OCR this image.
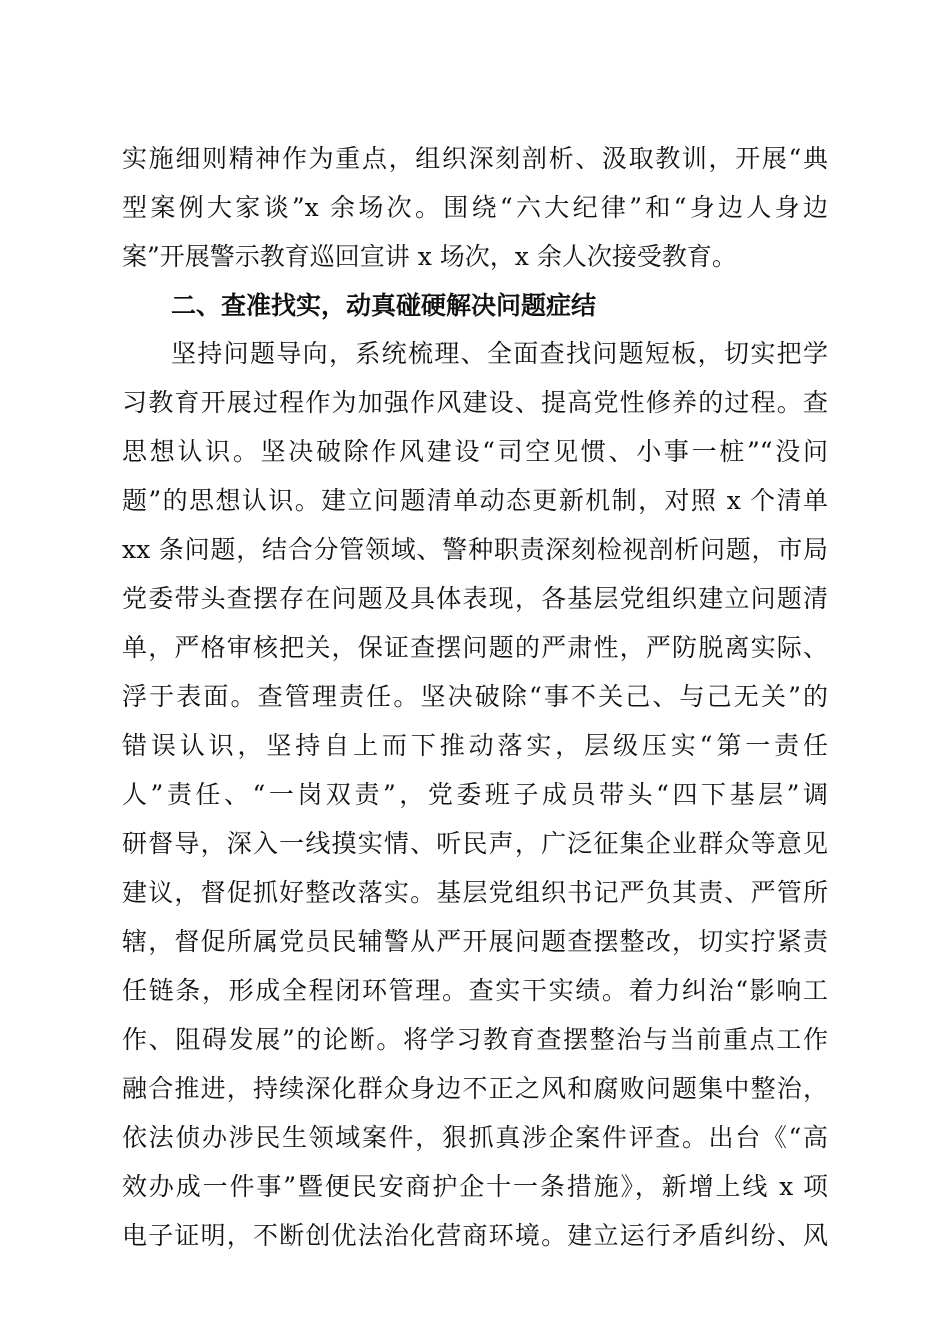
实施细则精神作为重点，组织深刻剖析、汲取教训，开展“典
型案例大家谈”x 余场次。围绕“六大纪律”和“身边人身边
案”开展警示教育巡回宣讲 x 场次，x 余人次接受教育。
二、查准找实，动真碰硬解决问题症结
坚持问题导向，系统梳理、全面查找问题短板，切实把学
习教育开展过程作为加强作风建设、提高党性修养的过程。查
思想认识。坚决破除作风建设“司空见惯、小事一桩”“没问
题”的思想认识。建立问题清单动态更新机制，对照 x 个清单
xx 条问题，结合分管领域、警种职责深刻检视剖析问题，市局
党委带头查摆存在问题及具体表现，各基层党组织建立问题清
单，严格审核把关，保证查摆问题的严肃性，严防脱离实际、
浮于表面。查管理责任。坚决破除“事不关己、与己无关”的
错误认识，坚持自上而下推动落实，层级压实“第一责任
人”责任、“一岗双责”，党委班子成员带头“四下基层”调
研督导，深入一线摸实情、听民声，广泛征集企业群众等意见
建议，督促抓好整改落实。基层党组织书记严负其责、严管所
辖，督促所属党员民辅警从严开展问题查摆整改，切实拧紧责
任链条，形成全程闭环管理。查实干实绩。着力纠治“影响工
作、阻碍发展”的论断。将学习教育查摆整治与当前重点工作
融合推进，持续深化群众身边不正之风和腐败问题集中整治，
依法侦办涉民生领域案件，狠抓真涉企案件评查。出台《“高
效办成一件事”暨便民安商护企十一条措施》，新增上线 x 项
电子证明，不断创优法治化营商环境。建立运行矛盾纠纷、风
